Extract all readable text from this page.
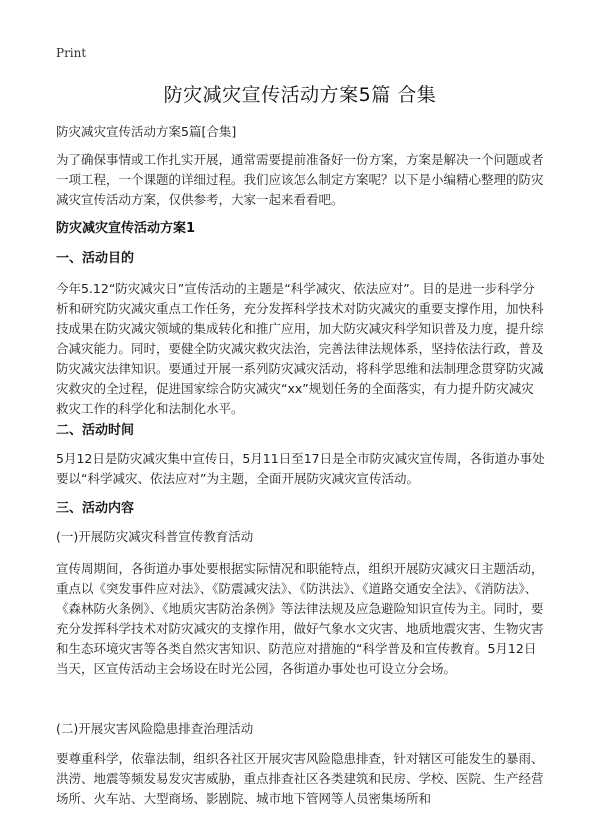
Print
防灾减灾宣传活动方案5篇 合集
防灾减灾宣传活动方案5篇[合集]
为了确保事情或工作扎实开展，通常需要提前准备好一份方案，方案是解决一个问题或者一项工程，一个课题的详细过程。我们应该怎么制定方案呢？以下是小编精心整理的防灾减灾宣传活动方案，仅供参考，大家一起来看看吧。
防灾减灾宣传活动方案1
一、活动目的
今年5.12“防灾减灾日”宣传活动的主题是“科学减灾、依法应对”。目的是进一步科学分析和研究防灾减灾重点工作任务，充分发挥科学技术对防灾减灾的重要支撑作用，加快科技成果在防灾减灾领域的集成转化和推广应用，加大防灾减灾科学知识普及力度，提升综合减灾能力。同时，要健全防灾减灾救灾法治，完善法律法规体系，坚持依法行政，普及防灾减灾法律知识。要通过开展一系列防灾减灾活动，将科学思维和法制理念贯穿防灾减灾救灾的全过程，促进国家综合防灾减灾“xx”规划任务的全面落实，有力提升防灾减灾救灾工作的科学化和法制化水平。
二、活动时间
5月12日是防灾减灾集中宣传日，5月11日至17日是全市防灾减灾宣传周，各街道办事处要以“科学减灾、依法应对”为主题，全面开展防灾减灾宣传活动。
三、活动内容
(一)开展防灾减灾科普宣传教育活动
宣传周期间，各街道办事处要根据实际情况和职能特点，组织开展防灾减灾日主题活动，重点以《突发事件应对法》、《防震减灾法》、《防洪法》、《道路交通安全法》、《消防法》、《森林防火条例》、《地质灾害防治条例》等法律法规及应急避险知识宣传为主。同时，要充分发挥科学技术对防灾减灾的支撑作用，做好气象水文灾害、地质地震灾害、生物灾害和生态环境灾害等各类自然灾害知识、防范应对措施的“科学普及和宣传教育。5月12日当天，区宣传活动主会场设在时光公园，各街道办事处也可设立分会场。
(二)开展灾害风险隐患排查治理活动
要尊重科学，依靠法制，组织各社区开展灾害风险隐患排查，针对辖区可能发生的暴雨、洪涝、地震等频发易发灾害威胁，重点排查社区各类建筑和民房、学校、医院、生产经营场所、火车站、大型商场、影剧院、城市地下管网等人员密集场所和
